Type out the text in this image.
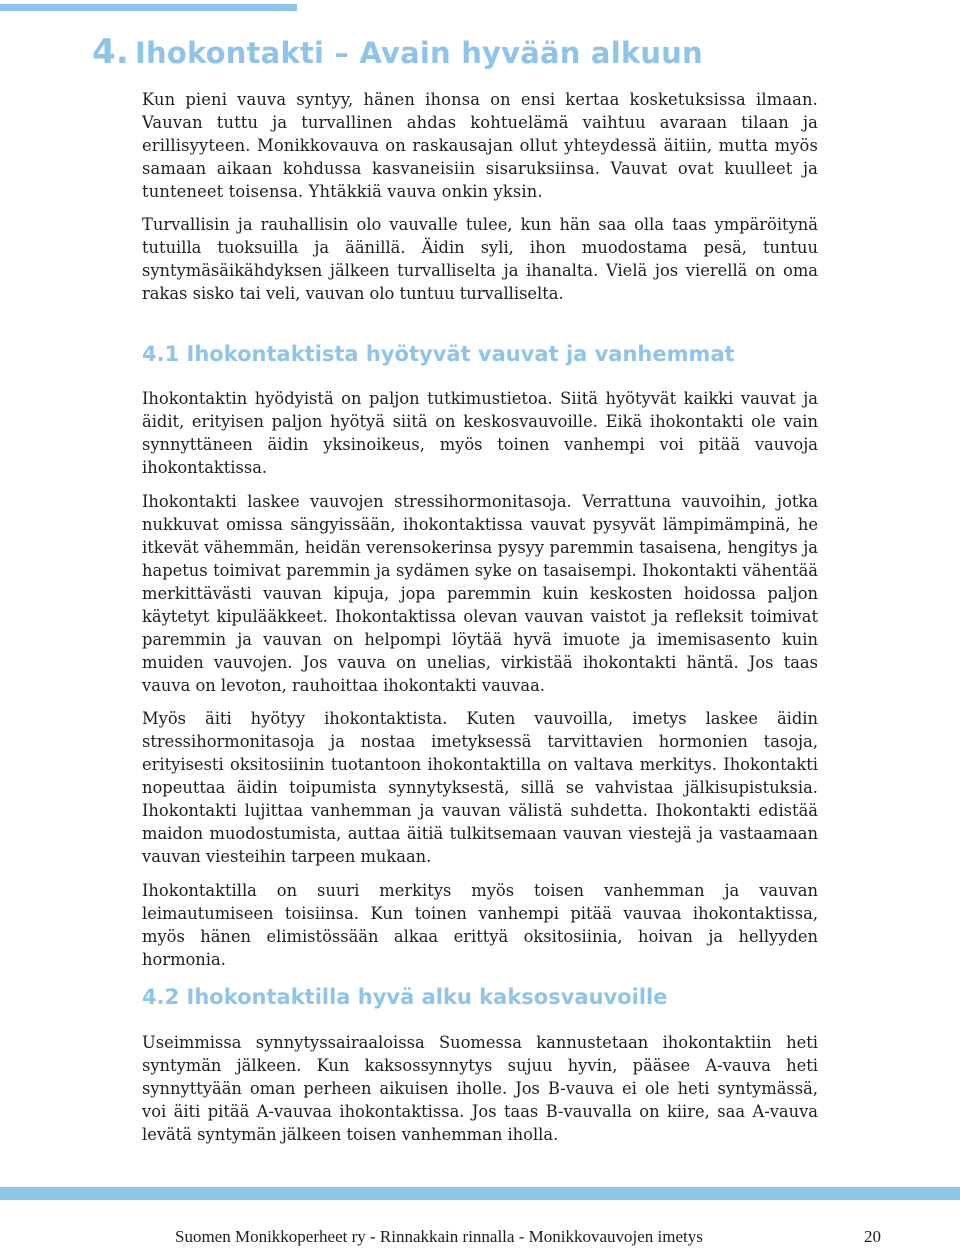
4. Ihokontakti – Avain hyvään alkuun

Kun pieni vauva syntyy, hänen ihonsa on ensi kertaa kosketuksissa ilmaan. Vauvan tuttu ja turvallinen ahdas kohtuelämä vaihtuu avaraan tilaan ja erillisyyteen. Monikkovauva on raskausajan ollut yhteydessä äitiin, mutta myös samaan aikaan kohdussa kasvaneisiin sisaruksiinsa. Vauvat ovat kuulleet ja tunteneet toisensa. Yhtäkkiä vauva onkin yksin.

Turvallisin ja rauhallisin olo vauvalle tulee, kun hän saa olla taas ympäröitynä tutuilla tuoksuilla ja äänillä. Äidin syli, ihon muodostama pesä, tuntuu syntymäsäikähdyksen jälkeen turvalliselta ja ihanalta. Vielä jos vierellä on oma rakas sisko tai veli, vauvan olo tuntuu turvalliselta.

4.1 Ihokontaktista hyötyvät vauvat ja vanhemmat

Ihokontaktin hyödyistä on paljon tutkimustietoa. Siitä hyötyvät kaikki vauvat ja äidit, erityisen paljon hyötyä siitä on keskosvauvoille. Eikä ihokontakti ole vain synnyttäneen äidin yksinoikeus, myös toinen vanhempi voi pitää vauvoja ihokontaktissa.

Ihokontakti laskee vauvojen stressihormonitasoja. Verrattuna vauvoihin, jotka nukkuvat omissa sängyissään, ihokontaktissa vauvat pysyvät lämpimämpinä, he itkevät vähemmän, heidän verensokerinsa pysyy paremmin tasaisena, hengitys ja hapetus toimivat paremmin ja sydämen syke on tasaisempi. Ihokontakti vähentää merkittävästi vauvan kipuja, jopa paremmin kuin keskosten hoidossa paljon käytetyt kipulääkkeet. Ihokontaktissa olevan vauvan vaistot ja refleksit toimivat paremmin ja vauvan on helpompi löytää hyvä imuote ja imemisasento kuin muiden vauvojen. Jos vauva on unelias, virkistää ihokontakti häntä. Jos taas vauva on levoton, rauhoittaa ihokontakti vauvaa.

Myös äiti hyötyy ihokontaktista. Kuten vauvoilla, imetys laskee äidin stressihormonitasoja ja nostaa imetyksessä tarvittavien hormonien tasoja, erityisesti oksitosiinin tuotantoon ihokontaktilla on valtava merkitys. Ihokontakti nopeuttaa äidin toipumista synnytyksestä, sillä se vahvistaa jälkisupistuksia. Ihokontakti lujittaa vanhemman ja vauvan välistä suhdetta. Ihokontakti edistää maidon muodostumista, auttaa äitiä tulkitsemaan vauvan viestejä ja vastaamaan vauvan viesteihin tarpeen mukaan.

Ihokontaktilla on suuri merkitys myös toisen vanhemman ja vauvan leimautumiseen toisiinsa. Kun toinen vanhempi pitää vauvaa ihokontaktissa, myös hänen elimistössään alkaa erittyä oksitosiinia, hoivan ja hellyyden hormonia.

4.2 Ihokontaktilla hyvä alku kaksosvauvoille

Useimmissa synnytyssairaaloissa Suomessa kannustetaan ihokontaktiin heti syntymän jälkeen. Kun kaksossynnytys sujuu hyvin, pääsee A-vauva heti synnyttyään oman perheen aikuisen iholle. Jos B-vauva ei ole heti syntymässä, voi äiti pitää A-vauvaa ihokontaktissa. Jos taas B-vauvalla on kiire, saa A-vauva levätä syntymän jälkeen toisen vanhemman iholla.

Suomen Monikkoperheet ry - Rinnakkain rinnalla - Monikkovauvojen imetys	20
